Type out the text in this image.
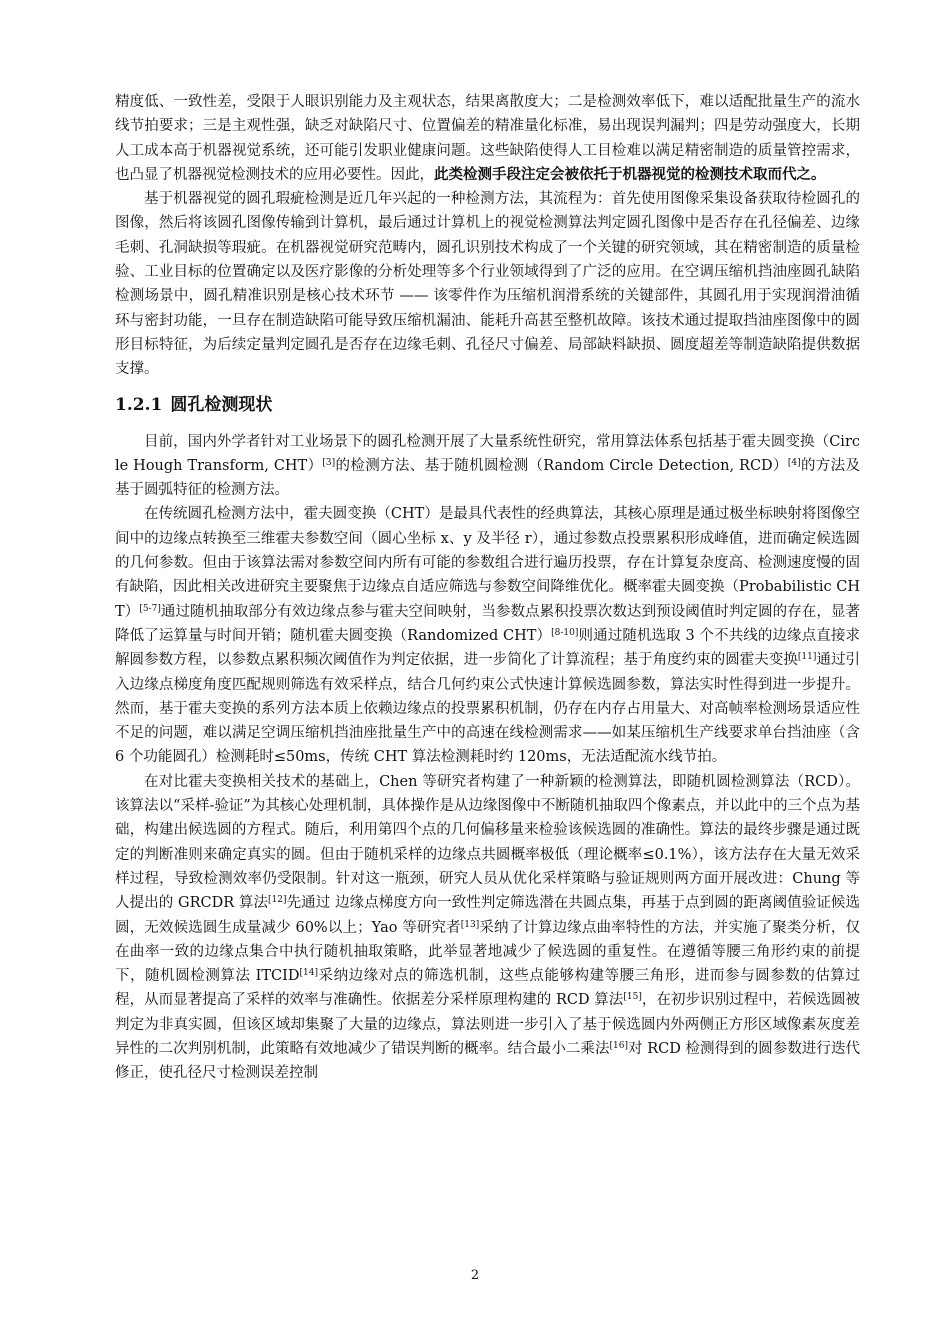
精度低、一致性差，受限于人眼识别能力及主观状态，结果离散度大；二是检测效率低下，难以适配批量生产的流水线节拍要求；三是主观性强，缺乏对缺陷尺寸、位置偏差的精准量化标准，易出现误判漏判；四是劳动强度大，长期人工成本高于机器视觉系统，还可能引发职业健康问题。这些缺陷使得人工目检难以满足精密制造的质量管控需求，也凸显了机器视觉检测技术的应用必要性。因此，此类检测手段注定会被依托于机器视觉的检测技术取而代之。

基于机器视觉的圆孔瑕疵检测是近几年兴起的一种检测方法，其流程为：首先使用图像采集设备获取待检圆孔的图像，然后将该圆孔图像传输到计算机，最后通过计算机上的视觉检测算法判定圆孔图像中是否存在孔径偏差、边缘毛刺、孔洞缺损等瑕疵。在机器视觉研究范畴内，圆孔识别技术构成了一个关键的研究领域，其在精密制造的质量检验、工业目标的位置确定以及医疗影像的分析处理等多个行业领域得到了广泛的应用。在空调压缩机挡油座圆孔缺陷检测场景中，圆孔精准识别是核心技术环节 —— 该零件作为压缩机润滑系统的关键部件，其圆孔用于实现润滑油循环与密封功能，一旦存在制造缺陷可能导致压缩机漏油、能耗升高甚至整机故障。该技术通过提取挡油座图像中的圆形目标特征，为后续定量判定圆孔是否存在边缘毛刺、孔径尺寸偏差、局部缺料缺损、圆度超差等制造缺陷提供数据支撑。

1.2.1 圆孔检测现状

目前，国内外学者针对工业场景下的圆孔检测开展了大量系统性研究，常用算法体系包括基于霍夫圆变换（Circle Hough Transform, CHT）[3]的检测方法、基于随机圆检测（Random Circle Detection, RCD）[4]的方法及基于圆弧特征的检测方法。

在传统圆孔检测方法中，霍夫圆变换（CHT）是最具代表性的经典算法，其核心原理是通过极坐标映射将图像空间中的边缘点转换至三维霍夫参数空间（圆心坐标 x、y 及半径 r），通过参数点投票累积形成峰值，进而确定候选圆的几何参数。但由于该算法需对参数空间内所有可能的参数组合进行遍历投票，存在计算复杂度高、检测速度慢的固有缺陷，因此相关改进研究主要聚焦于边缘点自适应筛选与参数空间降维优化。概率霍夫圆变换（Probabilistic CHT）[5-7]通过随机抽取部分有效边缘点参与霍夫空间映射，当参数点累积投票次数达到预设阈值时判定圆的存在，显著降低了运算量与时间开销；随机霍夫圆变换（Randomized CHT）[8-10]则通过随机选取 3 个不共线的边缘点直接求解圆参数方程，以参数点累积频次阈值作为判定依据，进一步简化了计算流程；基于角度约束的圆霍夫变换[11]通过引入边缘点梯度角度匹配规则筛选有效采样点，结合几何约束公式快速计算候选圆参数，算法实时性得到进一步提升。然而，基于霍夫变换的系列方法本质上依赖边缘点的投票累积机制，仍存在内存占用量大、对高帧率检测场景适应性不足的问题，难以满足空调压缩机挡油座批量生产中的高速在线检测需求——如某压缩机生产线要求单台挡油座（含 6 个功能圆孔）检测耗时≤50ms，传统 CHT 算法检测耗时约 120ms，无法适配流水线节拍。

在对比霍夫变换相关技术的基础上，Chen 等研究者构建了一种新颖的检测算法，即随机圆检测算法（RCD）。该算法以“采样-验证”为其核心处理机制，具体操作是从边缘图像中不断随机抽取四个像素点，并以此中的三个点为基础，构建出候选圆的方程式。随后，利用第四个点的几何偏移量来检验该候选圆的准确性。算法的最终步骤是通过既定的判断准则来确定真实的圆。但由于随机采样的边缘点共圆概率极低（理论概率≤0.1%），该方法存在大量无效采样过程，导致检测效率仍受限制。针对这一瓶颈，研究人员从优化采样策略与验证规则两方面开展改进：Chung 等人提出的 GRCDR 算法[12]先通过 边缘点梯度方向一致性判定筛选潜在共圆点集，再基于点到圆的距离阈值验证候选圆，无效候选圆生成量减少 60%以上；Yao 等研究者[13]采纳了计算边缘点曲率特性的方法，并实施了聚类分析，仅在曲率一致的边缘点集合中执行随机抽取策略，此举显著地减少了候选圆的重复性。在遵循等腰三角形约束的前提下，随机圆检测算法 ITCID[14]采纳边缘对点的筛选机制，这些点能够构建等腰三角形，进而参与圆参数的估算过程，从而显著提高了采样的效率与准确性。依据差分采样原理构建的 RCD 算法[15]，在初步识别过程中，若候选圆被判定为非真实圆，但该区域却集聚了大量的边缘点，算法则进一步引入了基于候选圆内外两侧正方形区域像素灰度差异性的二次判别机制，此策略有效地减少了错误判断的概率。结合最小二乘法[16]对 RCD 检测得到的圆参数进行迭代修正，使孔径尺寸检测误差控制

2
